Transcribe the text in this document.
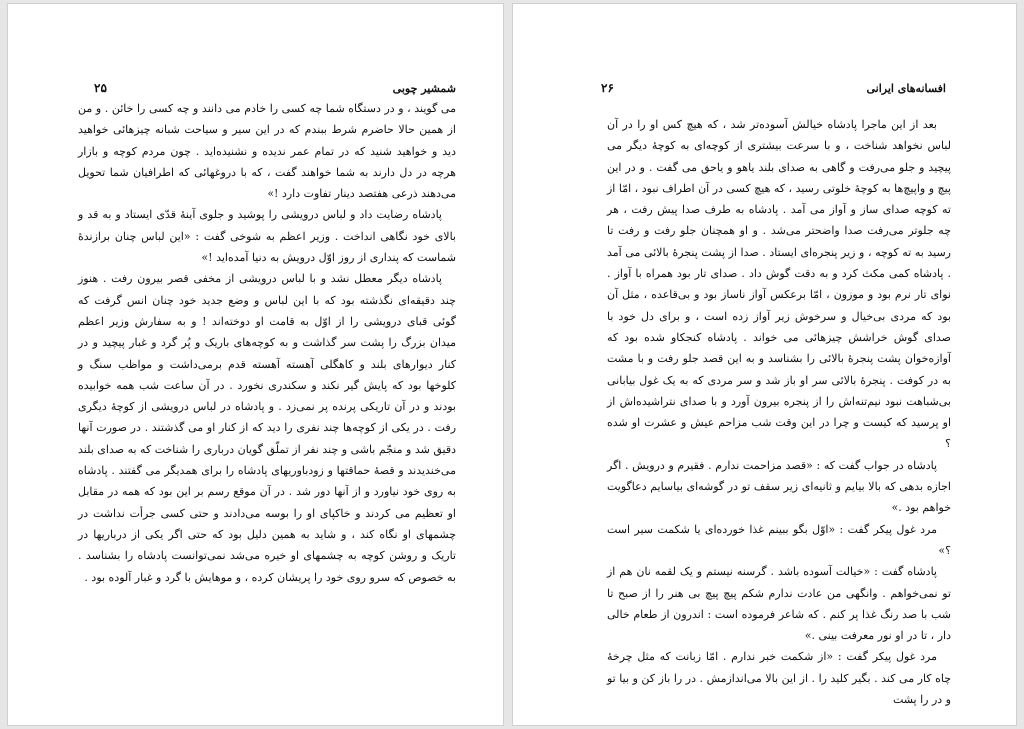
۲۵	شمشیر چوبی

می گویند ، و در دستگاه شما چه کسی را خادم می دانند و چه کسی را خائن . و من از همین حالا حاضرم شرط ببندم که در این سیر و سیاحت شبانه چیزهائی خواهید دید و خواهید شنید که در تمام عمر ندیده و نشنیده‌اید . چون مردم کوچه و بازار هرچه در دل دارند به شما خواهند گفت ، که با دروغهائی که اطرافیان شما تحویل می‌دهند ذرعی هفتصد دینار تفاوت دارد !»

پادشاه رضایت داد و لباس درویشی را پوشید و جلوی آینهٔ قدّی ایستاد و به قد و بالای خود نگاهی انداخت . وزیر اعظم به شوخی گفت : «این لباس چنان برازندهٔ شماست که پنداری از روز اوّل درویش به دنیا آمده‌اید !»

پادشاه دیگر معطل نشد و با لباس درویشی از مخفی قصر بیرون رفت . هنوز چند دقیقه‌ای نگذشته بود که با این لباس و وضع جدید خود چنان انس گرفت که گوئی قبای درویشی را از اوّل به قامت او دوخته‌اند ! و به سفارش وزیر اعظم میدان بزرگ را پشت سر گذاشت و به کوچه‌های باریک و پُر گرد و غبار پیچید و در کنار دیوارهای بلند و کاهگلی آهسته آهسته قدم برمی‌داشت و مواظب سنگ و کلوخها بود که پایش گیر نکند و سکندری نخورد . در آن ساعت شب همه خوابیده بودند و در آن تاریکی پرنده پر نمی‌زد . و پادشاه در لباس درویشی از کوچهٔ دیگری رفت . در یکی از کوچه‌ها چند نفری را دید که از کنار او می گذشتند . در صورت آنها دقیق شد و منجّم باشی و چند نفر از تملّق گویان درباری را شناخت که به صدای بلند می‌خندیدند و قصهٔ حماقتها و زودباوریهای پادشاه را برای همدیگر می گفتند . پادشاه به روی خود نیاورد و از آنها دور شد . در آن موقع رسم بر این بود که همه در مقابل او تعظیم می کردند و خاکپای او را بوسه می‌دادند و حتی کسی جرأت نداشت در چشمهای او نگاه کند ، و شاید به همین دلیل بود که حتی اگر یکی از درباریها در تاریک و روشن کوچه به چشمهای او خیره می‌شد نمی‌توانست پادشاه را بشناسد . به خصوص که سرو روی خود را پریشان کرده ، و موهایش با گرد و غبار آلوده بود .

۲۶	افسانه‌های ایرانی

بعد از این ماجرا پادشاه خیالش آسوده‌تر شد ، که هیچ کس او را در آن لباس نخواهد شناخت ، و با سرعت بیشتری از کوچه‌ای به کوچهٔ دیگر می پیچید و جلو می‌رفت و گاهی به صدای بلند یاهو و یاحق می گفت . و در این پیچ و واپیچ‌ها به کوچهٔ خلوتی رسید ، که هیچ کسی در آن اطراف نبود ، امّا از ته کوچه صدای ساز و آواز می آمد . پادشاه به طرف صدا پیش رفت ، هر چه جلوتر می‌رفت صدا واضحتر می‌شد . و او همچنان جلو رفت و رفت تا رسید به ته کوچه ، و زیر پنجره‌ای ایستاد . صدا از پشت پنجرهٔ بالائی می آمد . پادشاه کمی مکث کرد و به دقت گوش داد . صدای تار بود همراه با آواز . نوای تار نرم بود و موزون ، امّا برعکس آواز ناساز بود و بی‌قاعده ، مثل آن بود که مردی بی‌خیال و سرخوش زیر آواز زده است ، و برای دل خود با صدای گوش خراشش چیزهائی می خواند . پادشاه کنجکاو شده بود که آوازه‌خوان پشت پنجرهٔ بالائی را بشناسد و به این قصد جلو رفت و با مشت به در کوفت . پنجرهٔ بالائی سر او باز شد و سر مردی که به یک غول بیابانی بی‌شباهت نبود نیم‌تنه‌اش را از پنجره بیرون آورد و با صدای نتراشیده‌اش از او پرسید که کیست و چرا در این وقت شب مزاحم عیش و عشرت او شده ؟

پادشاه در جواب گفت که : «قصد مزاحمت ندارم . فقیرم و درویش . اگر اجازه بدهی که بالا بیایم و ثانیه‌ای زیر سقف تو در گوشه‌ای بیاسایم دعاگویت خواهم بود .»

مرد غول پیکر گفت : «اوّل بگو ببینم غذا خورده‌ای یا شکمت سیر است ؟»

پادشاه گفت : «خیالت آسوده باشد . گرسنه نیستم و یک لقمه نان هم از تو نمی‌خواهم . وانگهی من عادت ندارم شکم پیچ پیچ بی هنر را از صبح تا شب با صد رنگ غذا پر کنم . که شاعر فرموده است : اندرون از طعام خالی دار ، تا در او نور معرفت بینی .»

مرد غول پیکر گفت : «از شکمت خبر ندارم . امّا زبانت که مثل چرخهٔ چاه کار می کند . بگیر کلید را . از این بالا می‌اندازمش . در را باز کن و بیا تو و در را پشت
